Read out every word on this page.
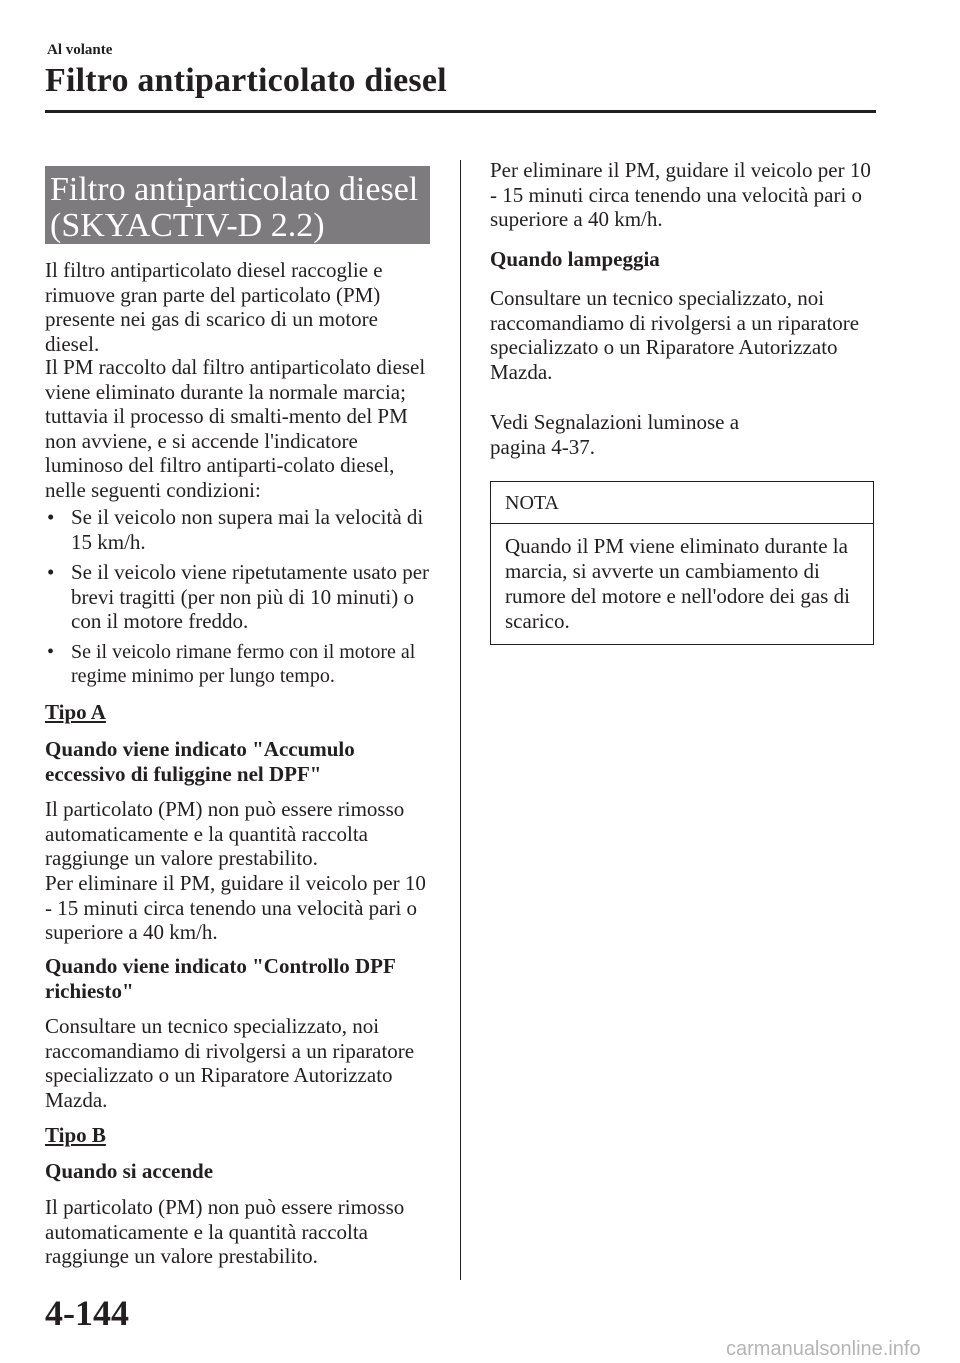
Al volante
Filtro antiparticolato diesel
Filtro antiparticolato diesel
(SKYACTIV-D 2.2)

Il filtro antiparticolato diesel raccoglie e rimuove gran parte del particolato (PM) presente nei gas di scarico di un motore diesel.

Il PM raccolto dal filtro antiparticolato diesel viene eliminato durante la normale marcia; tuttavia il processo di smalti-mento del PM non avviene, e si accende l'indicatore luminoso del filtro antiparti-colato diesel, nelle seguenti condizioni:

• Se il veicolo non supera mai la velocità di 15 km/h.
• Se il veicolo viene ripetutamente usato per brevi tragitti (per non più di 10 minuti) o con il motore freddo.
• Se il veicolo rimane fermo con il motore al regime minimo per lungo tempo.
Tipo A

Quando viene indicato "Accumulo eccessivo di fuliggine nel DPF"

Il particolato (PM) non può essere rimosso automaticamente e la quantità raccolta raggiunge un valore prestabilito.

Per eliminare il PM, guidare il veicolo per 10 - 15 minuti circa tenendo una velocità pari o superiore a 40 km/h.

Quando viene indicato "Controllo DPF richiesto"

Consultare un tecnico specializzato, noi raccomandiamo di rivolgersi a un riparatore specializzato o un Riparatore Autorizzato Mazda.

Tipo B

Quando si accende

Il particolato (PM) non può essere rimosso automaticamente e la quantità raccolta raggiunge un valore prestabilito.

Per eliminare il PM, guidare il veicolo per 10 - 15 minuti circa tenendo una velocità pari o superiore a 40 km/h.

Quando lampeggia

Consultare un tecnico specializzato, noi raccomandiamo di rivolgersi a un riparatore specializzato o un Riparatore Autorizzato Mazda.

Vedi Segnalazioni luminose a
pagina 4-37.
NOTA
Quando il PM viene eliminato durante la marcia, si avverte un cambiamento di rumore del motore e nell'odore dei gas di scarico.
4-144
carmanualsonline.info
